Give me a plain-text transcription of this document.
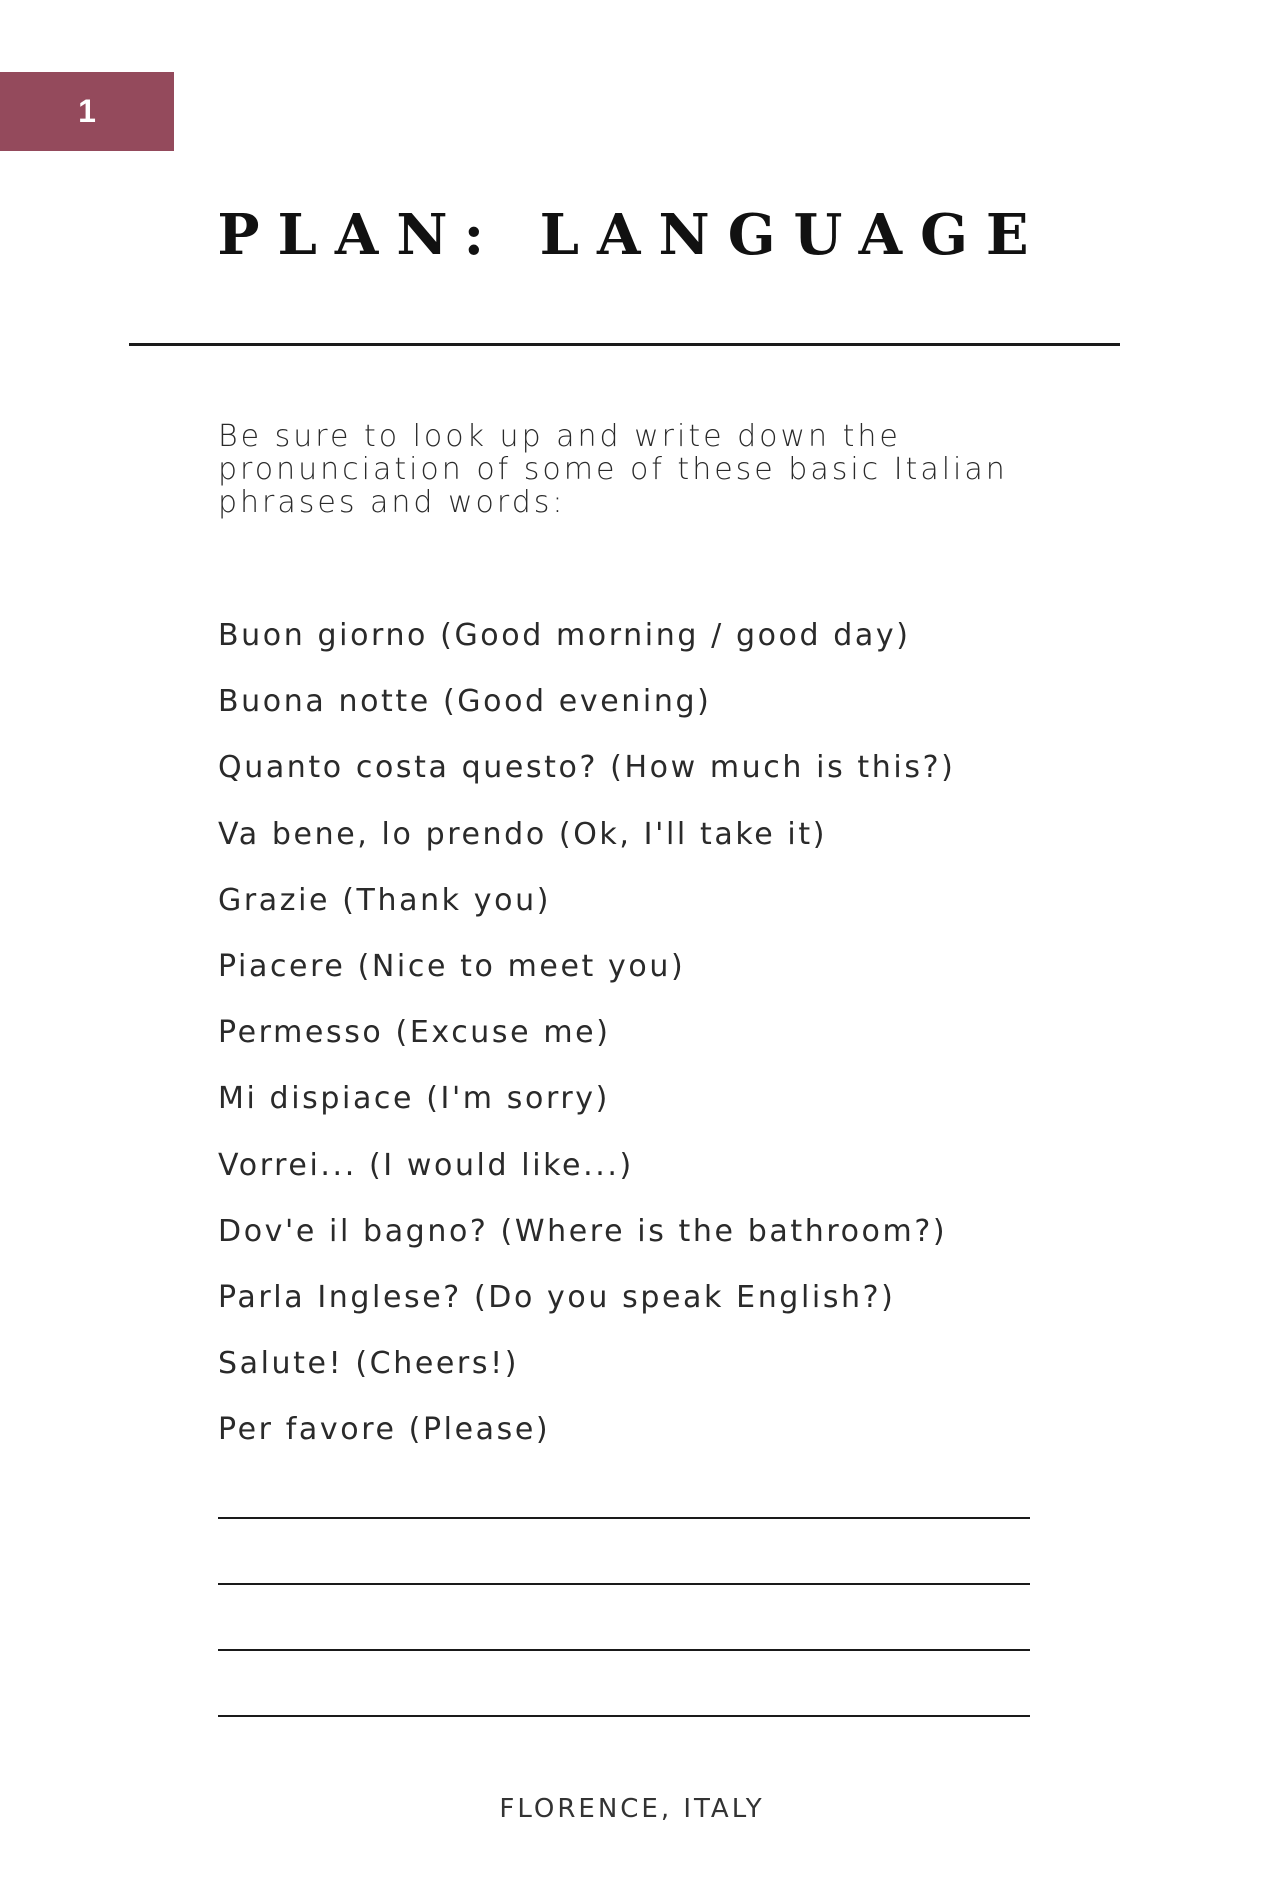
1
PLAN: LANGUAGE

Be sure to look up and write down the pronunciation of some of these basic Italian phrases and words:

Buon giorno (Good morning / good day)
Buona notte (Good evening)
Quanto costa questo? (How much is this?)
Va bene, lo prendo (Ok, I'll take it)
Grazie (Thank you)
Piacere (Nice to meet you)
Permesso (Excuse me)
Mi dispiace (I'm sorry)
Vorrei... (I would like...)
Dov'e il bagno? (Where is the bathroom?)
Parla Inglese? (Do you speak English?)
Salute! (Cheers!)
Per favore (Please)
FLORENCE, ITALY
